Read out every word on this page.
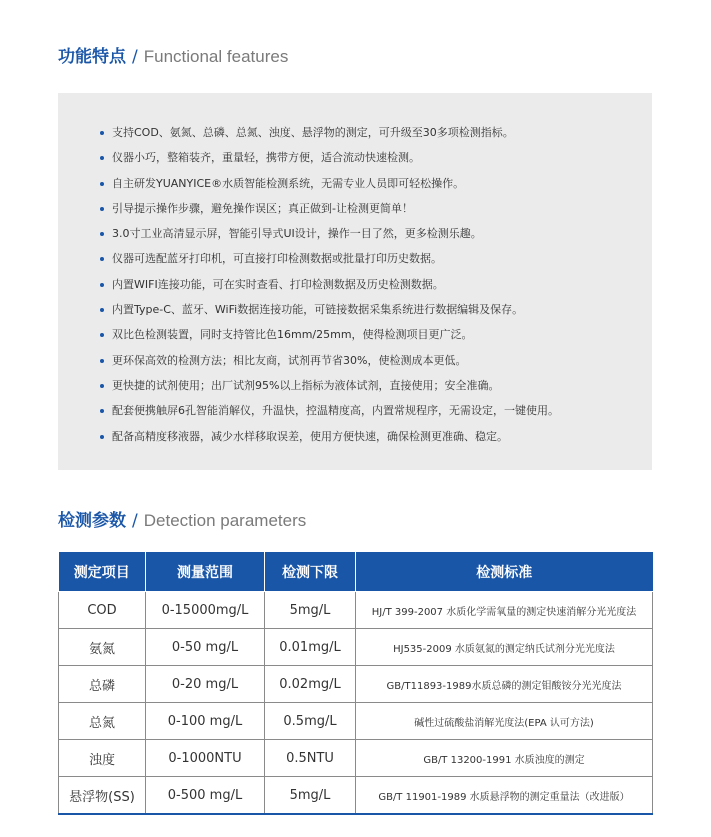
功能特点 / Functional features
支持COD、氨氮、总磷、总氮、浊度、悬浮物的测定，可升级至30多项检测指标。
仪器小巧，整箱装齐，重量轻，携带方便，适合流动快速检测。
自主研发YUANYICE®水质智能检测系统，无需专业人员即可轻松操作。
引导提示操作步骤，避免操作误区；真正做到-让检测更简单！
3.0寸工业高清显示屏，智能引导式UI设计，操作一目了然，更多检测乐趣。
仪器可选配蓝牙打印机，可直接打印检测数据或批量打印历史数据。
内置WIFI连接功能，可在实时查看、打印检测数据及历史检测数据。
内置Type-C、蓝牙、WiFi数据连接功能，可链接数据采集系统进行数据编辑及保存。
双比色检测装置，同时支持管比色16mm/25mm，使得检测项目更广泛。
更环保高效的检测方法；相比友商，试剂再节省30%，使检测成本更低。
更快捷的试剂使用；出厂试剂95%以上指标为液体试剂，直接使用；安全准确。
配套便携触屏6孔智能消解仪，升温快，控温精度高，内置常规程序，无需设定，一键使用。
配备高精度移液器，减少水样移取误差，使用方便快速，确保检测更准确、稳定。
检测参数 / Detection parameters
测定项目	测量范围	检测下限	检测标准
COD	0-15000mg/L	5mg/L	HJ/T 399-2007 水质化学需氧量的测定快速消解分光光度法
氨氮	0-50 mg/L	0.01mg/L	HJ535-2009 水质氨氮的测定纳氏试剂分光光度法
总磷	0-20 mg/L	0.02mg/L	GB/T11893-1989水质总磷的测定钼酸铵分光光度法
总氮	0-100 mg/L	0.5mg/L	碱性过硫酸盐消解光度法(EPA 认可方法)
浊度	0-1000NTU	0.5NTU	GB/T 13200-1991 水质浊度的测定
悬浮物(SS)	0-500 mg/L	5mg/L	GB/T 11901-1989 水质悬浮物的测定重量法（改进版）
